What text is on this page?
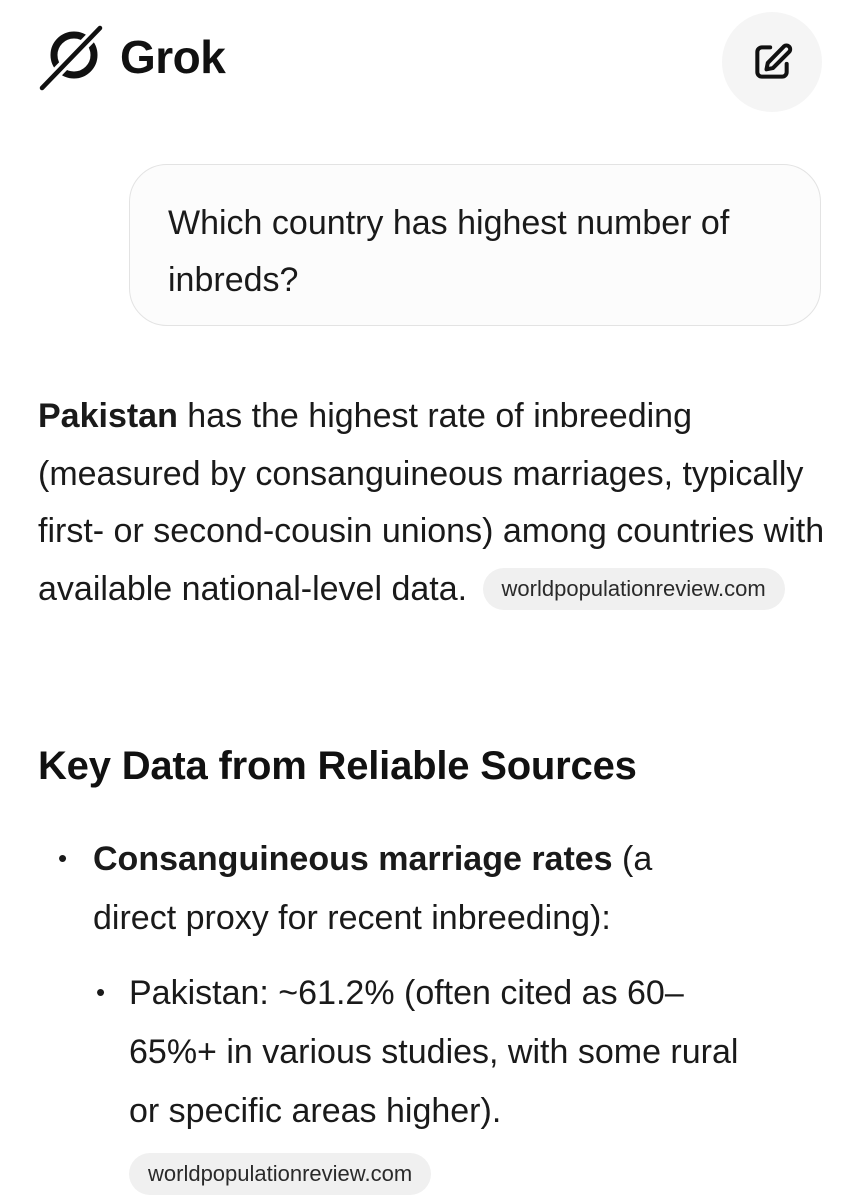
Grok
Which country has highest number of inbreds?
Pakistan has the highest rate of inbreeding (measured by consanguineous marriages, typically first- or second-cousin unions) among countries with available national-level data. worldpopulationreview.com
Key Data from Reliable Sources
• Consanguineous marriage rates (a direct proxy for recent inbreeding):
• Pakistan: ~61.2% (often cited as 60–65%+ in various studies, with some rural or specific areas higher).
worldpopulationreview.com
